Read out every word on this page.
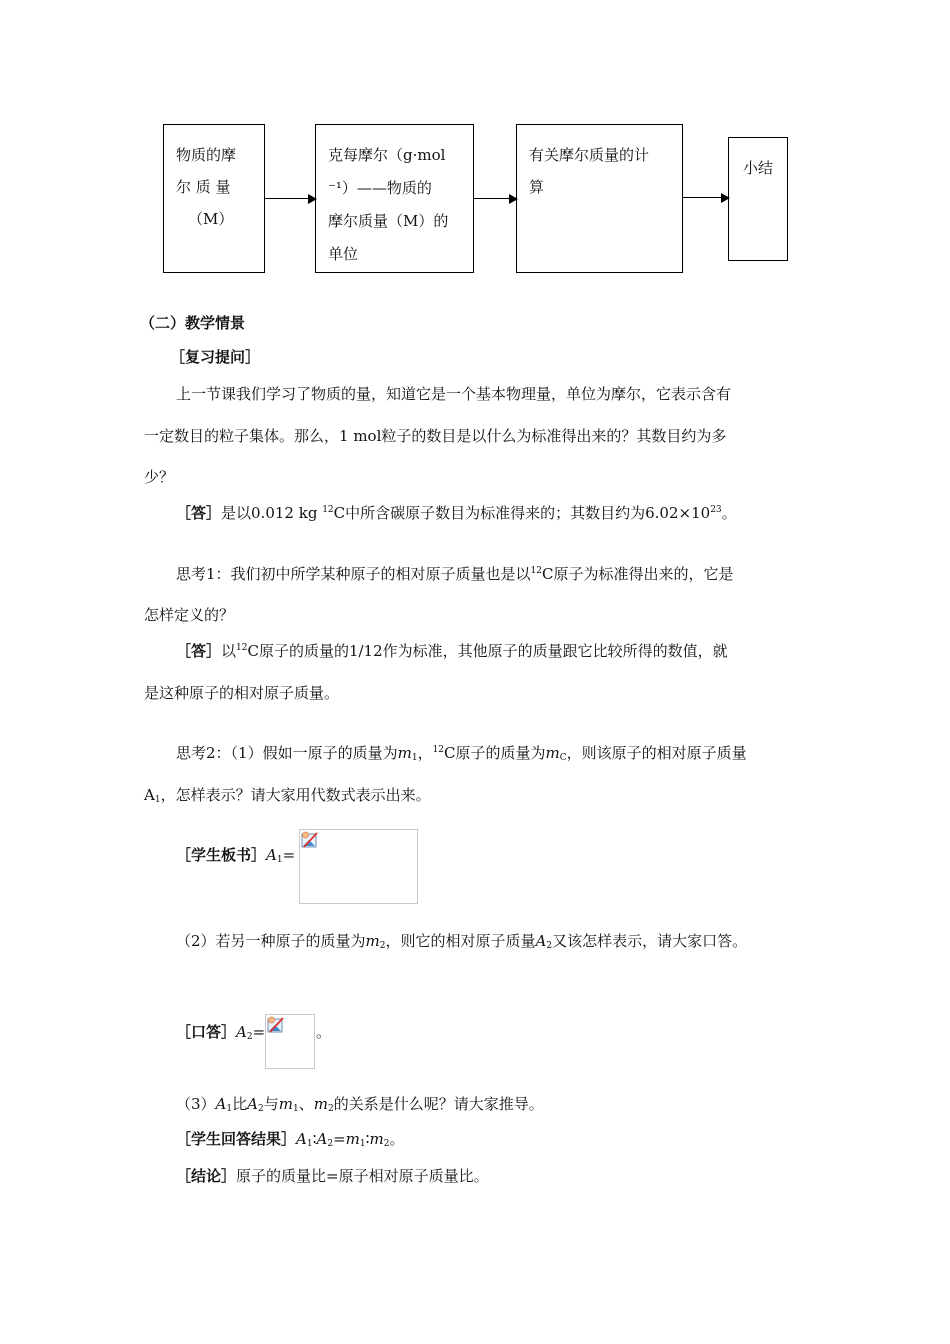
物质的摩
尔 质 量
（M）
克每摩尔（g·mol
⁻¹）——物质的
摩尔质量（M）的
单位
有关摩尔质量的计
算
小结
（二）教学情景
［复习提问］
上一节课我们学习了物质的量，知道它是一个基本物理量，单位为摩尔，它表示含有
一定数目的粒子集体。那么，1 mol粒子的数目是以什么为标准得出来的？其数目约为多
少？
［答］是以0.012 kg $^{12}$C中所含碳原子数目为标准得来的；其数目约为$6.02\times 10^{23}$。
思考1：我们初中所学某种原子的相对原子质量也是以$^{12}$C原子为标准得出来的，它是
怎样定义的？
［答］以$^{12}$C原子的质量的1/12作为标准，其他原子的质量跟它比较所得的数值，就
是这种原子的相对原子质量。
思考2：（1）假如一原子的质量为$m_1$，$^{12}$C原子的质量为$m_C$，则该原子的相对原子质量
$A_1$，怎样表示？请大家用代数式表示出来。
［学生板书$]A_1=$
（2）若另一种原子的质量为$m_2$，则它的相对原子质量$A_2$又该怎样表示，请大家口答。
［口答$]A_2=$	。
$(3)A_1$比$A_2$与$m_1$、$m_2$的关系是什么呢？请大家推导。
［学生回答结果$]A_1∶A_2=m_1∶m_2$。
［结论］原子的质量比=原子相对原子质量比。
